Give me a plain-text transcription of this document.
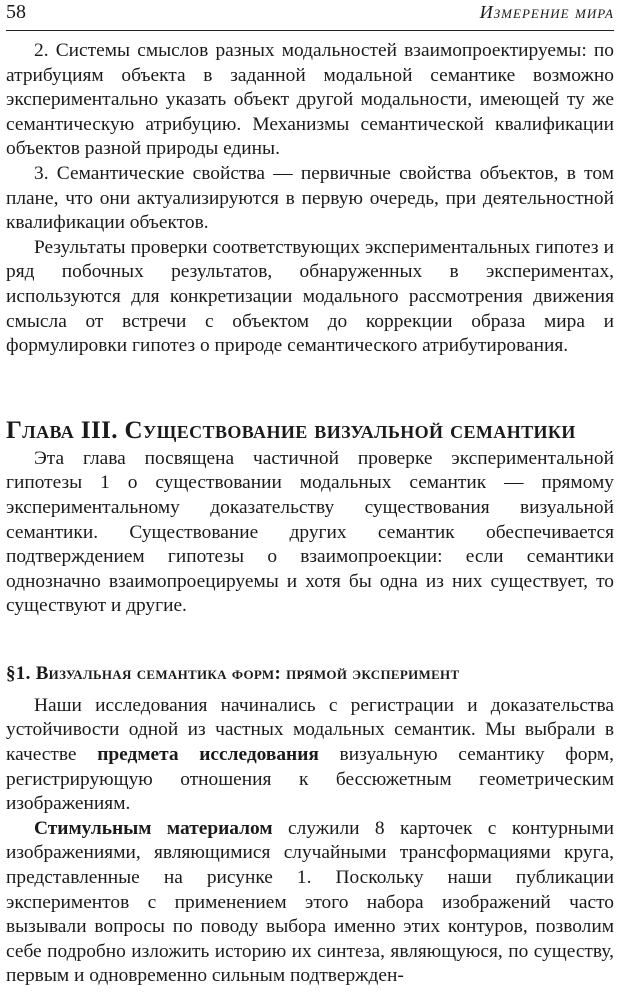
58	Измерение мира

2. Системы смыслов разных модальностей взаимопроектируемы: по атрибуциям объекта в заданной модальной семантике возможно экспериментально указать объект другой модальности, имеющей ту же семантическую атрибуцию. Механизмы семантической квалификации объектов разной природы едины.

3. Семантические свойства — первичные свойства объектов, в том плане, что они актуализируются в первую очередь, при деятельностной квалификации объектов.

Результаты проверки соответствующих экспериментальных гипотез и ряд побочных результатов, обнаруженных в экспериментах, используются для конкретизации модального рассмотрения движения смысла от встречи с объектом до коррекции образа мира и формулировки гипотез о природе семантического атрибутирования.

Глава III. Существование визуальной семантики

Эта глава посвящена частичной проверке экспериментальной гипотезы 1 о существовании модальных семантик — прямому экспериментальному доказательству существования визуальной семантики. Существование других семантик обеспечивается подтверждением гипотезы о взаимопроекции: если семантики однозначно взаимопроецируемы и хотя бы одна из них существует, то существуют и другие.

§1. Визуальная семантика форм: прямой эксперимент

Наши исследования начинались с регистрации и доказательства устойчивости одной из частных модальных семантик. Мы выбрали в качестве предмета исследования визуальную семантику форм, регистрирующую отношения к бессюжетным геометрическим изображениям.

Стимульным материалом служили 8 карточек с контурными изображениями, являющимися случайными трансформациями круга, представленные на рисунке 1. Поскольку наши публикации экспериментов с применением этого набора изображений часто вызывали вопросы по поводу выбора именно этих контуров, позволим себе подробно изложить историю их синтеза, являющуюся, по существу, первым и одновременно сильным подтвержден-
